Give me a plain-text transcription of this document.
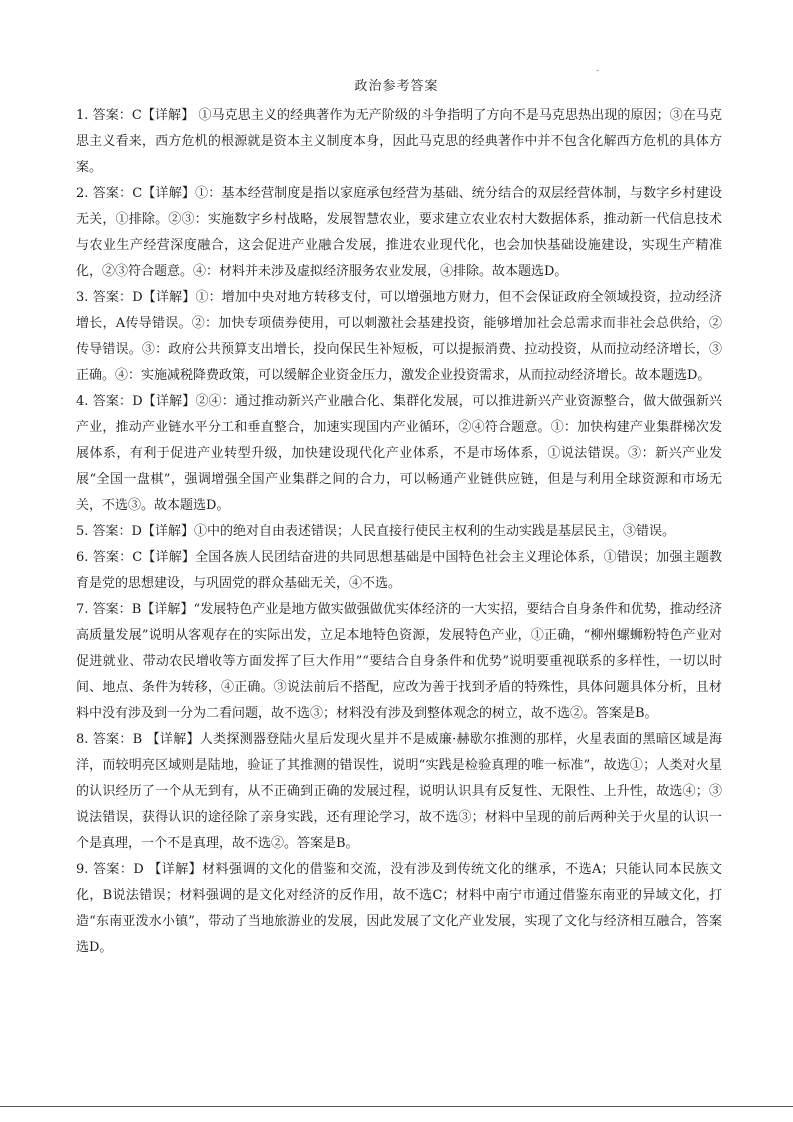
政治参考答案

1. 答案：C【详解】 ①马克思主义的经典著作为无产阶级的斗争指明了方向不是马克思热出现的原因；③在马克思主义看来，西方危机的根源就是资本主义制度本身，因此马克思的经典著作中并不包含化解西方危机的具体方案。

2. 答案：C【详解】①：基本经营制度是指以家庭承包经营为基础、统分结合的双层经营体制，与数字乡村建设无关，①排除。②③：实施数字乡村战略，发展智慧农业，要求建立农业农村大数据体系，推动新一代信息技术与农业生产经营深度融合，这会促进产业融合发展，推进农业现代化，也会加快基础设施建设，实现生产精准化，②③符合题意。④：材料并未涉及虚拟经济服务农业发展，④排除。故本题选D。

3. 答案：D【详解】①：增加中央对地方转移支付，可以增强地方财力，但不会保证政府全领域投资，拉动经济增长，A传导错误。②：加快专项债券使用，可以刺激社会基建投资，能够增加社会总需求而非社会总供给，②传导错误。③：政府公共预算支出增长，投向保民生补短板，可以提振消费、拉动投资，从而拉动经济增长，③正确。④：实施减税降费政策，可以缓解企业资金压力，激发企业投资需求，从而拉动经济增长。故本题选D。

4. 答案：D【详解】②④：通过推动新兴产业融合化、集群化发展，可以推进新兴产业资源整合，做大做强新兴产业，推动产业链水平分工和垂直整合，加速实现国内产业循环，②④符合题意。①：加快构建产业集群梯次发展体系，有利于促进产业转型升级，加快建设现代化产业体系，不是市场体系，①说法错误。③：新兴产业发展“全国一盘棋”，强调增强全国产业集群之间的合力，可以畅通产业链供应链，但是与利用全球资源和市场无关，不选③。故本题选D。

5. 答案：D【详解】①中的绝对自由表述错误；人民直接行使民主权利的生动实践是基层民主，③错误。

6. 答案：C【详解】全国各族人民团结奋进的共同思想基础是中国特色社会主义理论体系，①错误；加强主题教育是党的思想建设，与巩固党的群众基础无关，④不选。

7. 答案：B【详解】“发展特色产业是地方做实做强做优实体经济的一大实招，要结合自身条件和优势，推动经济高质量发展”说明从客观存在的实际出发，立足本地特色资源，发展特色产业，①正确，“柳州螺蛳粉特色产业对促进就业、带动农民增收等方面发挥了巨大作用”“要结合自身条件和优势”说明要重视联系的多样性，一切以时间、地点、条件为转移，④正确。③说法前后不搭配，应改为善于找到矛盾的特殊性，具体问题具体分析，且材料中没有涉及到一分为二看问题，故不选③；材料没有涉及到整体观念的树立，故不选②。答案是B。

8. 答案：B 【详解】人类探测器登陆火星后发现火星并不是威廉·赫歇尔推测的那样，火星表面的黑暗区域是海洋，而较明亮区域则是陆地，验证了其推测的错误性，说明“实践是检验真理的唯一标准”，故选①；人类对火星的认识经历了一个从无到有，从不正确到正确的发展过程，说明认识具有反复性、无限性、上升性，故选④；③说法错误，获得认识的途径除了亲身实践，还有理论学习，故不选③；材料中呈现的前后两种关于火星的认识一个是真理，一个不是真理，故不选②。答案是B。

9. 答案：D 【详解】材料强调的文化的借鉴和交流，没有涉及到传统文化的继承，不选A；只能认同本民族文化，B说法错误；材料强调的是文化对经济的反作用，故不选C；材料中南宁市通过借鉴东南亚的异域文化，打造“东南亚泼水小镇”，带动了当地旅游业的发展，因此发展了文化产业发展，实现了文化与经济相互融合，答案选D。
